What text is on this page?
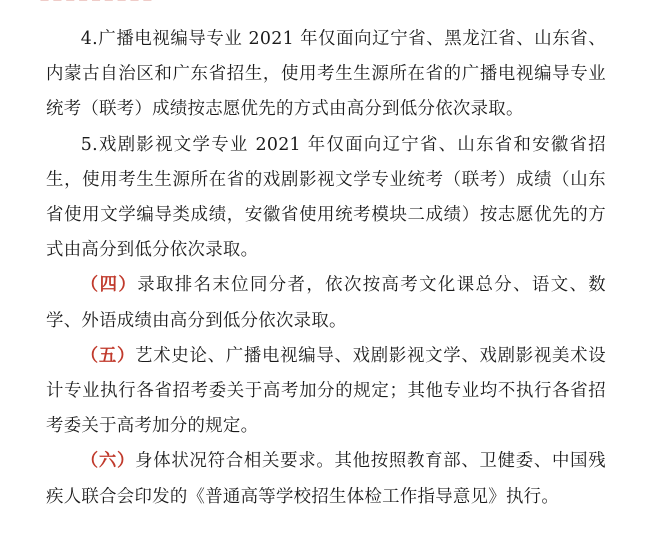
一 一 一 一 一 一 一 一 一

4.广播电视编导专业 2021 年仅面向辽宁省、黑龙江省、山东省、内蒙古自治区和广东省招生，使用考生生源所在省的广播电视编导专业统考（联考）成绩按志愿优先的方式由高分到低分依次录取。

5.戏剧影视文学专业 2021 年仅面向辽宁省、山东省和安徽省招生，使用考生生源所在省的戏剧影视文学专业统考（联考）成绩（山东省使用文学编导类成绩，安徽省使用统考模块二成绩）按志愿优先的方式由高分到低分依次录取。

（四）录取排名末位同分者，依次按高考文化课总分、语文、数学、外语成绩由高分到低分依次录取。

（五）艺术史论、广播电视编导、戏剧影视文学、戏剧影视美术设计专业执行各省招考委关于高考加分的规定；其他专业均不执行各省招考委关于高考加分的规定。

（六）身体状况符合相关要求。其他按照教育部、卫健委、中国残疾人联合会印发的《普通高等学校招生体检工作指导意见》执行。
